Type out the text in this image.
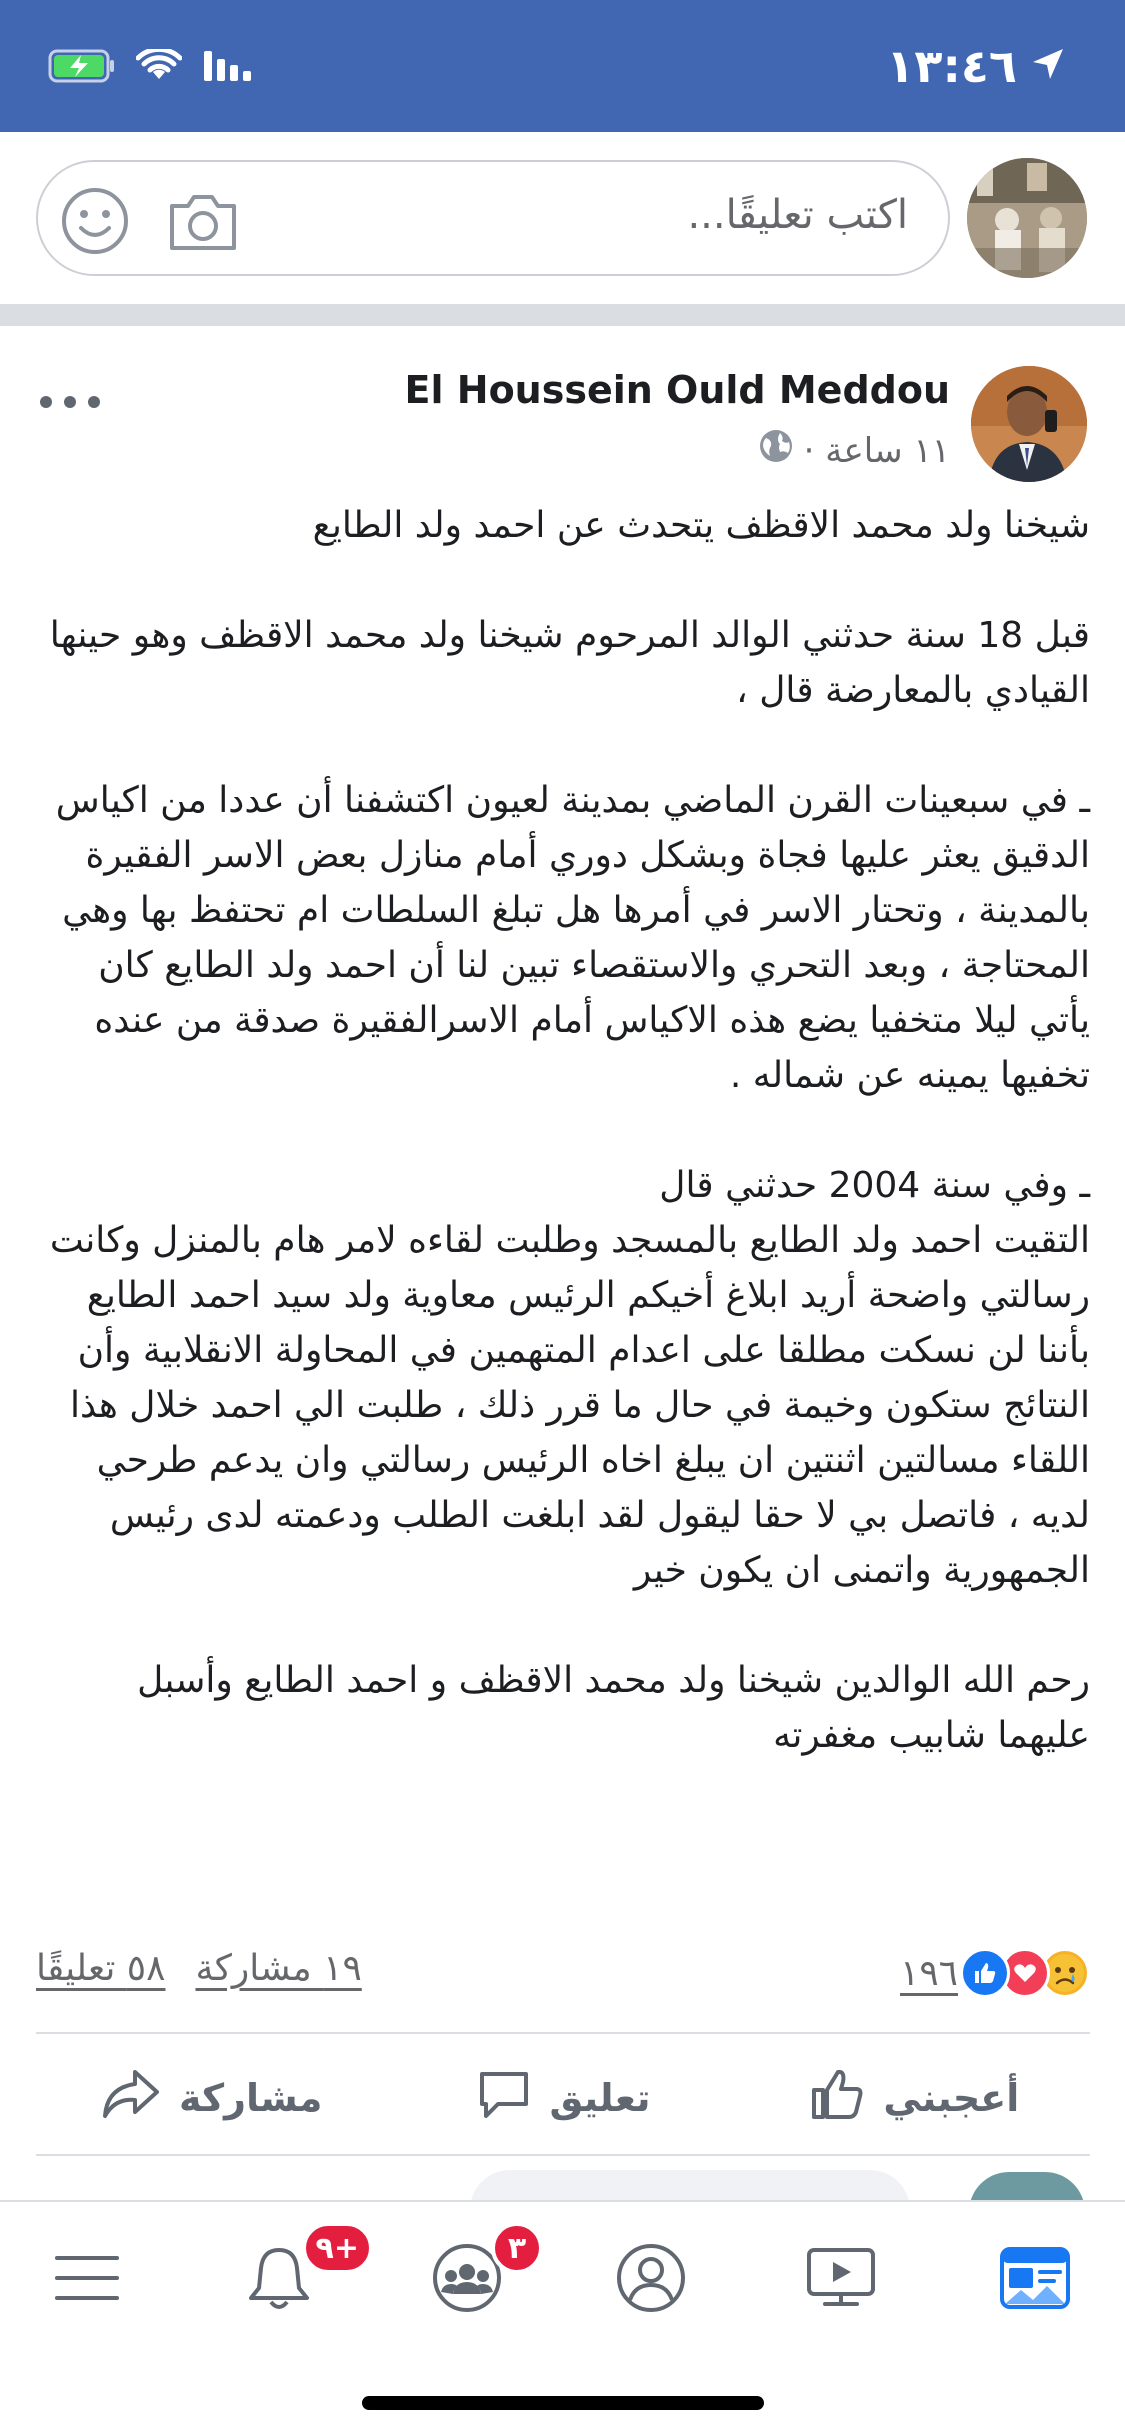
١٣:٤٦
اكتب تعليقًا...
El Houssein Ould Meddou
١١ ساعة ·

شيخنا ولد محمد الاقظف يتحدث عن احمد ولد الطايع

قبل 18 سنة حدثني الوالد المرحوم شيخنا ولد محمد الاقظف وهو حينها القيادي بالمعارضة قال ،

ـ في سبعينات القرن الماضي بمدينة لعيون اكتشفنا أن عددا من اكياس الدقيق يعثر عليها فجاة وبشكل دوري أمام منازل بعض الاسر الفقيرة بالمدينة ، وتحتار الاسر في أمرها هل تبلغ السلطات ام تحتفظ بها وهي المحتاجة ، وبعد التحري والاستقصاء تبين لنا أن احمد ولد الطايع كان يأتي ليلا متخفيا يضع هذه الاكياس أمام الاسرالفقيرة صدقة من عنده تخفيها يمينه عن شماله .

ـ وفي سنة 2004 حدثني قال
التقيت احمد ولد الطايع بالمسجد وطلبت لقاءه لامر هام بالمنزل وكانت رسالتي واضحة أريد ابلاغ أخيكم الرئيس معاوية ولد سيد احمد الطايع بأننا لن نسكت مطلقا على اعدام المتهمين في المحاولة الانقلابية وأن النتائج ستكون وخيمة في حال ما قرر ذلك ، طلبت الي احمد خلال هذا اللقاء مسالتين اثنتين ان يبلغ اخاه الرئيس رسالتي وان يدعم طرحي لديه ، فاتصل بي لا حقا ليقول لقد ابلغت الطلب ودعمته لدى رئيس الجمهورية واتمنى ان يكون خير

رحم الله الوالدين شيخنا ولد محمد الاقظف و احمد الطايع وأسبل عليهما شابيب مغفرته

١٩٦
١٩ مشاركة
٥٨ تعليقًا
أعجبني
تعليق
مشاركة
٣
+٩
